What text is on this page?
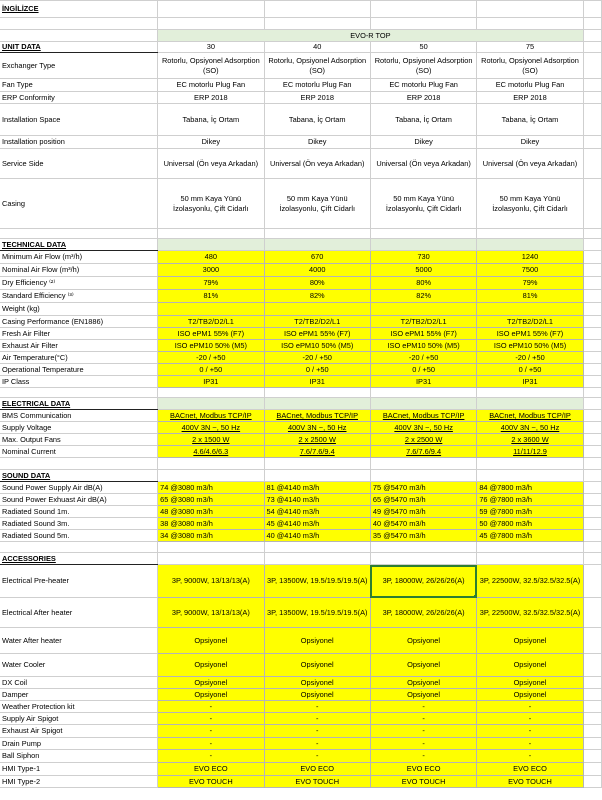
İNGİLİZCE					

	EVO-R TOP				
UNIT DATA	30	40	50	75	
Exchanger Type	Rotorlu, Opsiyonel Adsorption (SO)	Rotorlu, Opsiyonel Adsorption (SO)	Rotorlu, Opsiyonel Adsorption (SO)	Rotorlu, Opsiyonel Adsorption (SO)	
Fan Type	EC motorlu Plug Fan	EC motorlu Plug Fan	EC motorlu Plug Fan	EC motorlu Plug Fan	
ERP Conformity	ERP 2018	ERP 2018	ERP 2018	ERP 2018	
Installation Space	Tabana, İç Ortam	Tabana, İç Ortam	Tabana, İç Ortam	Tabana, İç Ortam	
Installation position	Dikey	Dikey	Dikey	Dikey	
Service Side	Universal (Ön veya Arkadan)	Universal (Ön veya Arkadan)	Universal (Ön veya Arkadan)	Universal (Ön veya Arkadan)	
Casing	50 mm Kaya Yünü İzolasyonlu, Çift Cidarlı	50 mm Kaya Yünü İzolasyonlu, Çift Cidarlı	50 mm Kaya Yünü İzolasyonlu, Çift Cidarlı	50 mm Kaya Yünü İzolasyonlu, Çift Cidarlı	

TECHNICAL DATA					
Minimum Air Flow (m³/h)	480	670	730	1240	
Nominal Air Flow (m³/h)	3000	4000	5000	7500	
Dry Efficiency ⁽²⁾	79%	80%	80%	79%	
Standard Efficiency ⁽³⁾	81%	82%	82%	81%	
Weight (kg)					
Casing Performance (EN1886)	T2/TB2/D2/L1	T2/TB2/D2/L1	T2/TB2/D2/L1	T2/TB2/D2/L1	
Fresh Air Filter	ISO ePM1 55% (F7)	ISO ePM1 55% (F7)	ISO ePM1 55% (F7)	ISO ePM1 55% (F7)	
Exhaust Air Filter	ISO ePM10 50% (M5)	ISO ePM10 50% (M5)	ISO ePM10 50% (M5)	ISO ePM10 50% (M5)	
Air Temperature(°C)	-20 / +50	-20 / +50	-20 / +50	-20 / +50	
Operational Temperature	0 / +50	0 / +50	0 / +50	0 / +50	
IP Class	IP31	IP31	IP31	IP31	

ELECTRICAL DATA					
BMS Communication	BACnet, Modbus TCP/IP	BACnet, Modbus TCP/IP	BACnet, Modbus TCP/IP	BACnet, Modbus TCP/IP	
Supply Voltage	400V 3N ~, 50 Hz	400V 3N ~, 50 Hz	400V 3N ~, 50 Hz	400V 3N ~, 50 Hz	
Max. Output Fans	2 x 1500 W	2 x 2500 W	2 x 2500 W	2 x 3600 W	
Nominal Current	4.6/4.6/6.3	7.6/7.6/9.4	7.6/7.6/9.4	11/11/12.9	

SOUND DATA					
Sound Power Supply Air dB(A)	74 @3080 m3/h	81 @4140 m3/h	75 @5470 m3/h	84 @7800 m3/h	
Sound Power Exhuast Air dB(A)	65 @3080 m3/h	73 @4140 m3/h	65 @5470 m3/h	76 @7800 m3/h	
Radiated Sound 1m.	48 @3080 m3/h	54 @4140 m3/h	49 @5470 m3/h	59 @7800 m3/h	
Radiated Sound 3m.	38 @3080 m3/h	45 @4140 m3/h	40 @5470 m3/h	50 @7800 m3/h	
Radiated Sound 5m.	34 @3080 m3/h	40 @4140 m3/h	35 @5470 m3/h	45 @7800 m3/h	

ACCESSORIES					
Electrical Pre-heater	3P, 9000W, 13/13/13(A)	3P, 13500W, 19.5/19.5/19.5(A)	3P, 18000W, 26/26/26(A)	3P, 22500W, 32.5/32.5/32.5(A)	
Electrical After heater	3P, 9000W, 13/13/13(A)	3P, 13500W, 19.5/19.5/19.5(A)	3P, 18000W, 26/26/26(A)	3P, 22500W, 32.5/32.5/32.5(A)	
Water After heater	Opsiyonel	Opsiyonel	Opsiyonel	Opsiyonel	
Water Cooler	Opsiyonel	Opsiyonel	Opsiyonel	Opsiyonel	
DX Coil	Opsiyonel	Opsiyonel	Opsiyonel	Opsiyonel	
Damper	Opsiyonel	Opsiyonel	Opsiyonel	Opsiyonel	
Weather Protection kit	-	-	-	-	
Supply Air Spigot	-	-	-	-	
Exhaust Air Spigot	-	-	-	-	
Drain Pump	-	-	-	-	
Ball Siphon	-	-	-	-	
HMI Type-1	EVO ECO	EVO ECO	EVO ECO	EVO ECO	
HMI Type-2	EVO TOUCH	EVO TOUCH	EVO TOUCH	EVO TOUCH	
